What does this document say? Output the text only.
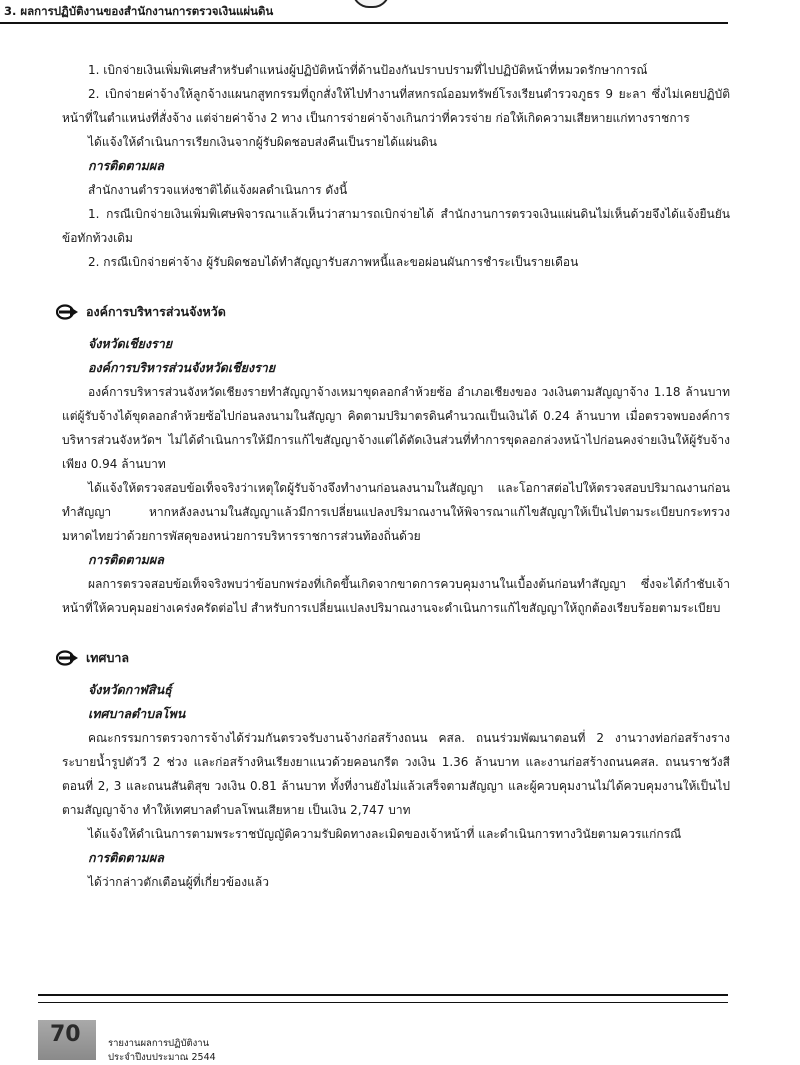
3. ผลการปฏิบัติงานของสำนักงานการตรวจเงินแผ่นดิน

1. เบิกจ่ายเงินเพิ่มพิเศษสำหรับตำแหน่งผู้ปฏิบัติหน้าที่ด้านป้องกันปราบปรามที่ไปปฏิบัติหน้าที่หมวดรักษาการณ์

2. เบิกจ่ายค่าจ้างให้ลูกจ้างแผนกสูทกรรมที่ถูกสั่งให้ไปทำงานที่สหกรณ์ออมทรัพย์โรงเรียนตำรวจภูธร 9 ยะลา ซึ่งไม่เคยปฏิบัติหน้าที่ในตำแหน่งที่สั่งจ้าง แต่จ่ายค่าจ้าง 2 ทาง เป็นการจ่ายค่าจ้างเกินกว่าที่ควรจ่าย ก่อให้เกิดความเสียหายแก่ทางราชการ

ได้แจ้งให้ดำเนินการเรียกเงินจากผู้รับผิดชอบส่งคืนเป็นรายได้แผ่นดิน

การติดตามผล

สำนักงานตำรวจแห่งชาติได้แจ้งผลดำเนินการ ดังนี้

1. กรณีเบิกจ่ายเงินเพิ่มพิเศษพิจารณาแล้วเห็นว่าสามารถเบิกจ่ายได้ สำนักงานการตรวจเงินแผ่นดินไม่เห็นด้วยจึงได้แจ้งยืนยันข้อทักท้วงเดิม

2. กรณีเบิกจ่ายค่าจ้าง ผู้รับผิดชอบได้ทำสัญญารับสภาพหนี้และขอผ่อนผันการชำระเป็นรายเดือน

องค์การบริหารส่วนจังหวัด

จังหวัดเชียงราย

องค์การบริหารส่วนจังหวัดเชียงราย

องค์การบริหารส่วนจังหวัดเชียงรายทำสัญญาจ้างเหมาขุดลอกลำห้วยซ้อ อำเภอเชียงของ วงเงินตามสัญญาจ้าง 1.18 ล้านบาท แต่ผู้รับจ้างได้ขุดลอกลำห้วยซ้อไปก่อนลงนามในสัญญา คิดตามปริมาตรดินคำนวณเป็นเงินได้ 0.24 ล้านบาท เมื่อตรวจพบองค์การบริหารส่วนจังหวัดฯ ไม่ได้ดำเนินการให้มีการแก้ไขสัญญาจ้างแต่ได้ตัดเงินส่วนที่ทำการขุดลอกล่วงหน้าไปก่อนคงจ่ายเงินให้ผู้รับจ้างเพียง 0.94 ล้านบาท

ได้แจ้งให้ตรวจสอบข้อเท็จจริงว่าเหตุใดผู้รับจ้างจึงทำงานก่อนลงนามในสัญญา และโอกาสต่อไปให้ตรวจสอบปริมาณงานก่อนทำสัญญา หากหลังลงนามในสัญญาแล้วมีการเปลี่ยนแปลงปริมาณงานให้พิจารณาแก้ไขสัญญาให้เป็นไปตามระเบียบกระทรวงมหาดไทยว่าด้วยการพัสดุของหน่วยการบริหารราชการส่วนท้องถิ่นด้วย

การติดตามผล

ผลการตรวจสอบข้อเท็จจริงพบว่าข้อบกพร่องที่เกิดขึ้นเกิดจากขาดการควบคุมงานในเบื้องต้นก่อนทำสัญญา ซึ่งจะได้กำชับเจ้าหน้าที่ให้ควบคุมอย่างเคร่งครัดต่อไป สำหรับการเปลี่ยนแปลงปริมาณงานจะดำเนินการแก้ไขสัญญาให้ถูกต้องเรียบร้อยตามระเบียบ

เทศบาล

จังหวัดกาฬสินธุ์

เทศบาลตำบลโพน

คณะกรรมการตรวจการจ้างได้ร่วมกันตรวจรับงานจ้างก่อสร้างถนน คสล. ถนนร่วมพัฒนาตอนที่ 2 งานวางท่อก่อสร้างรางระบายน้ำรูปตัววี 2 ช่วง และก่อสร้างหินเรียงยาแนวด้วยคอนกรีต วงเงิน 1.36 ล้านบาท และงานก่อสร้างถนนคสล. ถนนราชวังสีตอนที่ 2, 3 และถนนสันติสุข วงเงิน 0.81 ล้านบาท ทั้งที่งานยังไม่แล้วเสร็จตามสัญญา และผู้ควบคุมงานไม่ได้ควบคุมงานให้เป็นไปตามสัญญาจ้าง ทำให้เทศบาลตำบลโพนเสียหาย เป็นเงิน 2,747 บาท

ได้แจ้งให้ดำเนินการตามพระราชบัญญัติความรับผิดทางละเมิดของเจ้าหน้าที่ และดำเนินการทางวินัยตามควรแก่กรณี

การติดตามผล

ได้ว่ากล่าวตักเตือนผู้ที่เกี่ยวข้องแล้ว

70	รายงานผลการปฏิบัติงาน
ประจำปีงบประมาณ 2544
